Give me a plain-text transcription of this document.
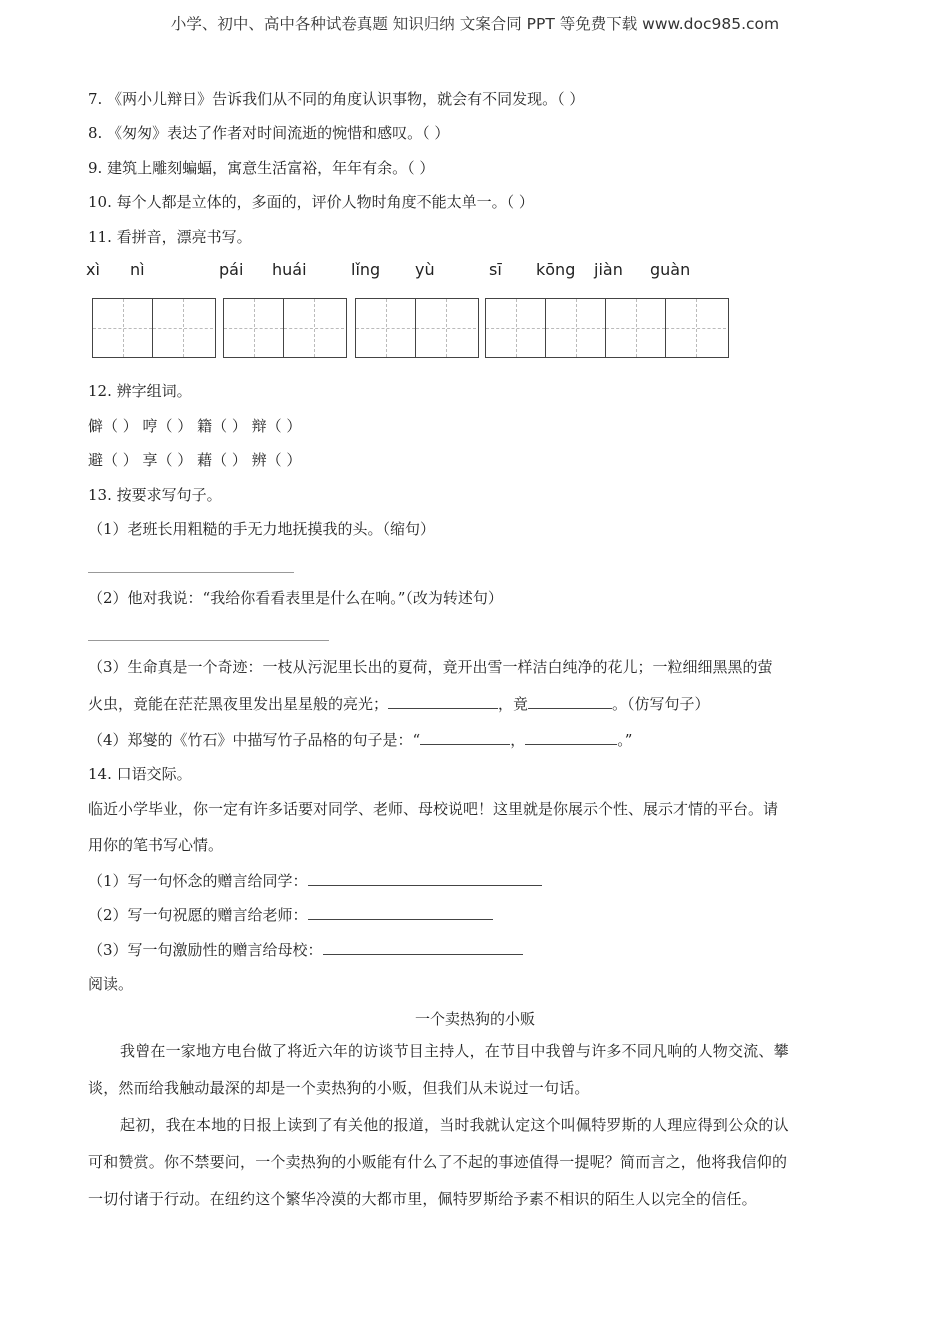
小学、初中、高中各种试卷真题 知识归纳 文案合同 PPT 等免费下载 www.doc985.com
7. 《两小儿辩日》告诉我们从不同的角度认识事物，就会有不同发现。（ ）
8. 《匆匆》表达了作者对时间流逝的惋惜和感叹。（ ）
9. 建筑上雕刻蝙蝠，寓意生活富裕，年年有余。（ ）
10. 每个人都是立体的，多面的，评价人物时角度不能太单一。（ ）
11. 看拼音，漂亮书写。
xì nì	pái huái	lǐng yù	sī kōng jiàn guàn
12. 辨字组词。
僻（ ） 哼（ ） 籍（ ） 辩（ ）
避（ ） 享（ ） 藉（ ） 辨（ ）
13. 按要求写句子。
（1）老班长用粗糙的手无力地抚摸我的头。（缩句）
（2）他对我说：“我给你看看表里是什么在响。”（改为转述句）
（3）生命真是一个奇迹：一枝从污泥里长出的夏荷，竟开出雪一样洁白纯净的花儿；一粒细细黑黑的萤
火虫，竟能在茫茫黑夜里发出星星般的亮光；	，竟	。（仿写句子）
（4）郑燮的《竹石》中描写竹子品格的句子是：“	，	。”
14. 口语交际。
临近小学毕业，你一定有许多话要对同学、老师、母校说吧！这里就是你展示个性、展示才情的平台。请
用你的笔书写心情。
（1）写一句怀念的赠言给同学：
（2）写一句祝愿的赠言给老师：
（3）写一句激励性的赠言给母校：
阅读。
一个卖热狗的小贩
我曾在一家地方电台做了将近六年的访谈节目主持人，在节目中我曾与许多不同凡响的人物交流、攀
谈，然而给我触动最深的却是一个卖热狗的小贩，但我们从未说过一句话。
起初，我在本地的日报上读到了有关他的报道，当时我就认定这个叫佩特罗斯的人理应得到公众的认
可和赞赏。你不禁要问，一个卖热狗的小贩能有什么了不起的事迹值得一提呢？简而言之，他将我信仰的
一切付诸于行动。在纽约这个繁华冷漠的大都市里，佩特罗斯给予素不相识的陌生人以完全的信任。
